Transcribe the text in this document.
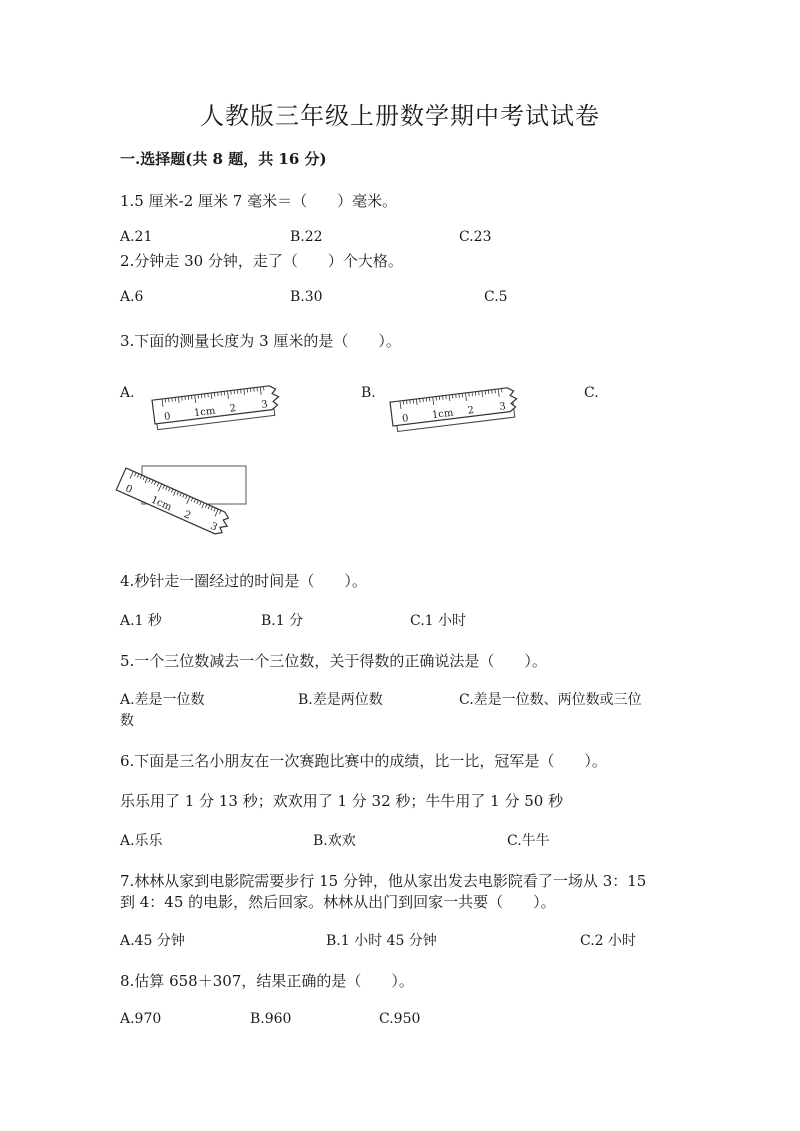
人教版三年级上册数学期中考试试卷
一.选择题(共 8 题，共 16 分)
1.5 厘米-2 厘米 7 毫米＝（　　）毫米。
A.21	B.22	C.23
2.分钟走 30 分钟，走了（　　）个大格。
A.6	B.30	C.5
3.下面的测量长度为 3 厘米的是（　　）。
A.	B.	C.
0 1cm 2 3
0 1cm 2 3
0
1cm
2
3
4.秒针走一圈经过的时间是（　　）。
A.1 秒	B.1 分	C.1 小时
5.一个三位数减去一个三位数，关于得数的正确说法是（　　）。
A.差是一位数	B.差是两位数	C.差是一位数、两位数或三位
数
6.下面是三名小朋友在一次赛跑比赛中的成绩，比一比，冠军是（　　）。
乐乐用了 1 分 13 秒；欢欢用了 1 分 32 秒；牛牛用了 1 分 50 秒
A.乐乐	B.欢欢	C.牛牛
7.林林从家到电影院需要步行 15 分钟，他从家出发去电影院看了一场从 3：15
到 4：45 的电影，然后回家。林林从出门到回家一共要（　　）。
A.45 分钟	B.1 小时 45 分钟	C.2 小时
8.估算 658＋307，结果正确的是（　　）。
A.970	B.960	C.950
